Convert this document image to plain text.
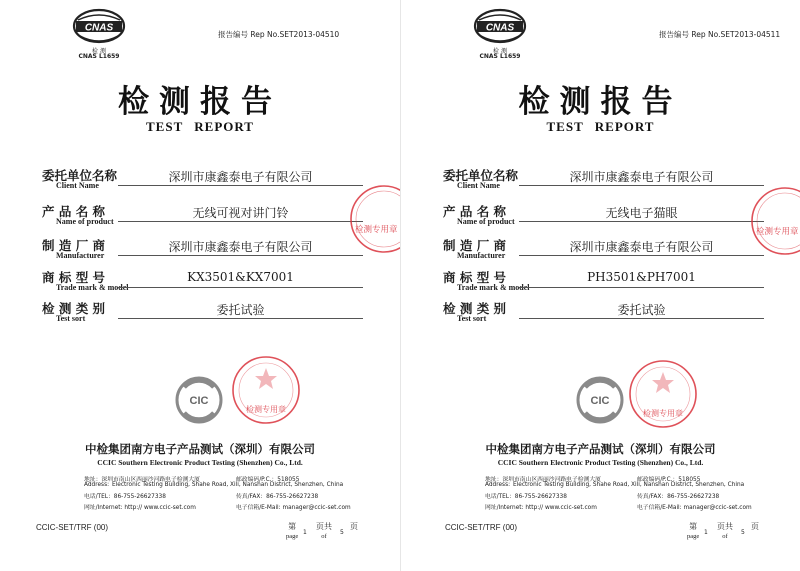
CNAS
检 测
CNAS L1659
报告编号 Rep No.SET2013-04510
检测报告
TEST REPORT
委托单位名称
Client Name
深圳市康鑫泰电子有限公司
产 品 名 称
Name of product
无线可视对讲门铃
制 造 厂 商
Manufacturer
深圳市康鑫泰电子有限公司
商 标 型 号
Trade mark & model
KX3501&KX7001
检 测 类 别
Test sort
委托试验
检测专用章
CIC
检测专用章
中检集团南方电子产品测试（深圳）有限公司
CCIC Southern Electronic Product Testing (Shenzhen) Co., Ltd.
地址：深圳市南山区西丽沙河路电子检测大厦	邮政编码/P.C.：518055
Address: Electronic Testing Building, Shahe Road, Xili, Nanshan District, Shenzhen, China
电话/TEL：86-755-26627338	传真/FAX：86-755-26627238
网址/Internet: http:// www.ccic-set.com	电子信箱/E-Mail: manager@ccic-set.com
CCIC-SET/TRF (00)	第
page
1
页共
of
5
页
CNAS
检 测
CNAS L1659
报告编号 Rep No.SET2013-04511
检测报告
TEST REPORT
委托单位名称
Client Name
深圳市康鑫泰电子有限公司
产 品 名 称
Name of product
无线电子猫眼
制 造 厂 商
Manufacturer
深圳市康鑫泰电子有限公司
商 标 型 号
Trade mark & model
PH3501&PH7001
检 测 类 别
Test sort
委托试验
检测专用章
CIC
检测专用章
中检集团南方电子产品测试（深圳）有限公司
CCIC Southern Electronic Product Testing (Shenzhen) Co., Ltd.
地址：深圳市南山区西丽沙河路电子检测大厦	邮政编码/P.C.：518055
Address: Electronic Testing Building, Shahe Road, Xili, Nanshan District, Shenzhen, China
电话/TEL：86-755-26627338	传真/FAX：86-755-26627238
网址/Internet: http:// www.ccic-set.com	电子信箱/E-Mail: manager@ccic-set.com
CCIC-SET/TRF (00)	第
page
1
页共
of
5
页
